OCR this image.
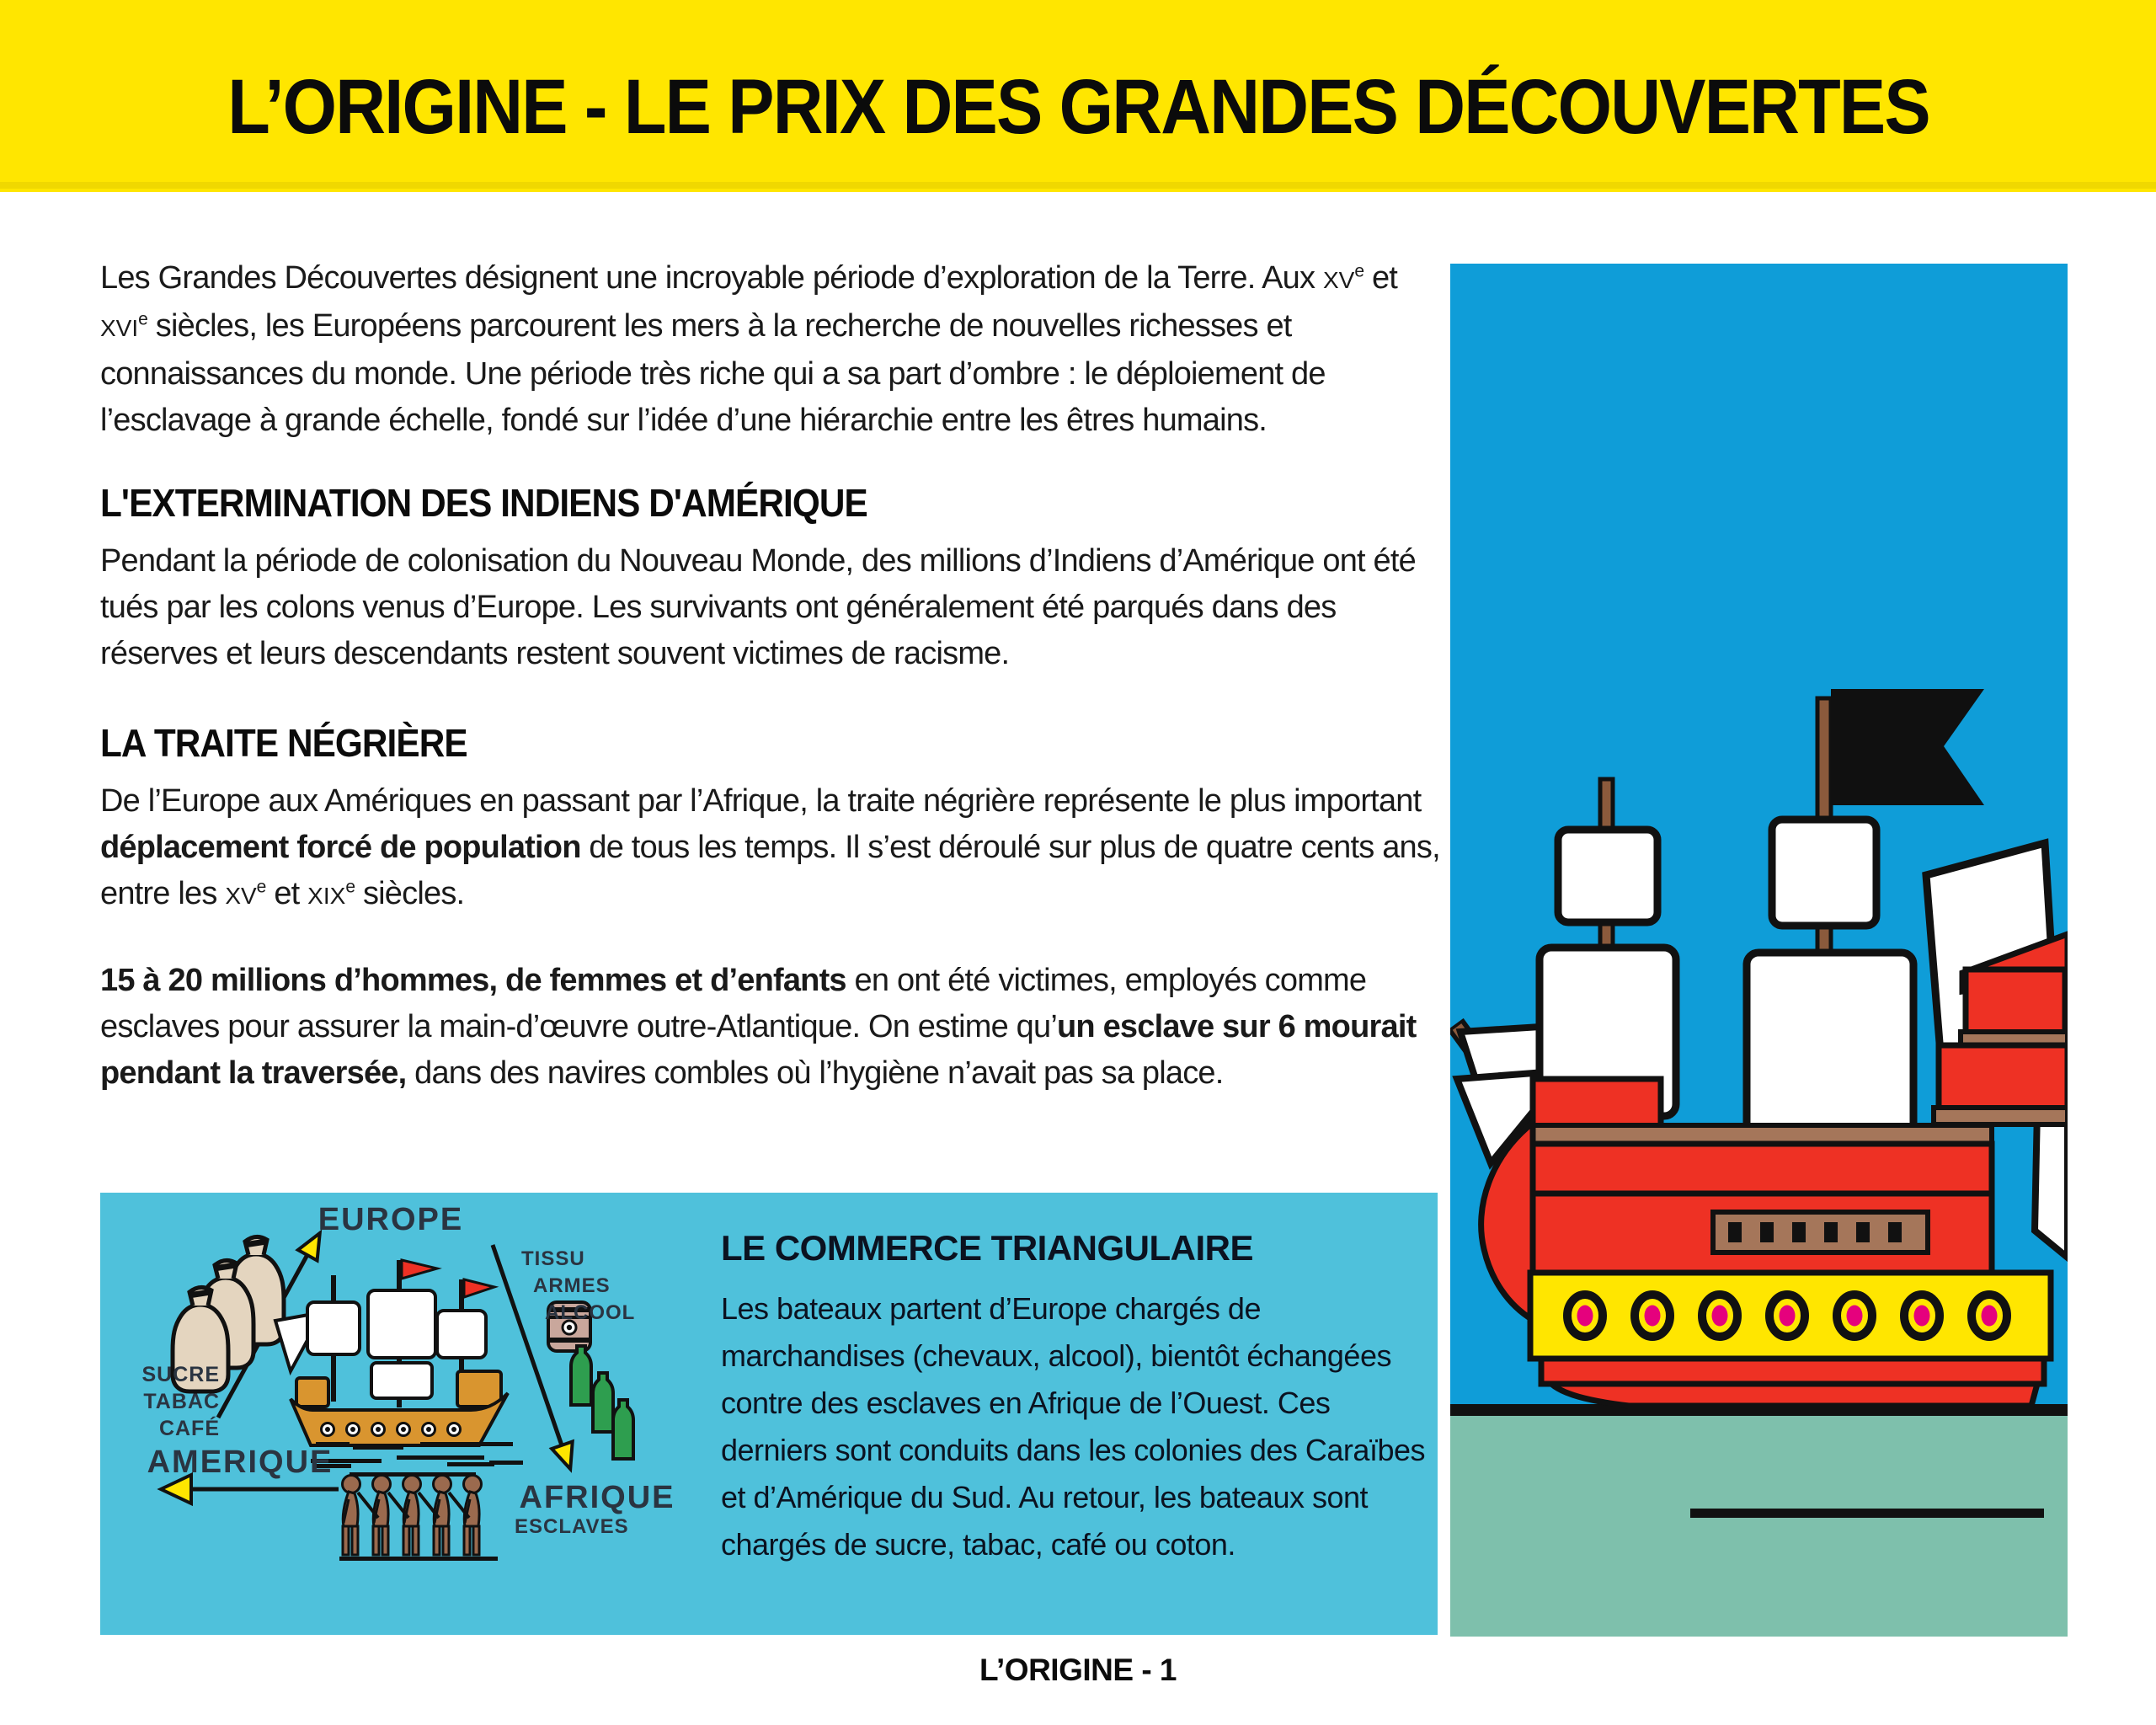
L’ORIGINE - LE PRIX DES GRANDES DÉCOUVERTES

Les Grandes Découvertes désignent une incroyable période d’exploration de la Terre. Aux XVe et XVIe siècles, les Européens parcourent les mers à la recherche de nouvelles richesses et connaissances du monde. Une période très riche qui a sa part d’ombre : le déploiement de l’esclavage à grande échelle, fondé sur l’idée d’une hiérarchie entre les êtres humains.

L'EXTERMINATION DES INDIENS D'AMÉRIQUE

Pendant la période de colonisation du Nouveau Monde, des millions d’Indiens d’Amérique ont été tués par les colons venus d’Europe. Les survivants ont généralement été parqués dans des réserves et leurs descendants restent souvent victimes de racisme.

LA TRAITE NÉGRIÈRE

De l’Europe aux Amériques en passant par l’Afrique, la traite négrière représente le plus important déplacement forcé de population de tous les temps. Il s’est déroulé sur plus de quatre cents ans, entre les XVe et XIXe siècles.

15 à 20 millions d’hommes, de femmes et d’enfants en ont été victimes, employés comme esclaves pour assurer la main-d’œuvre outre-Atlantique. On estime qu’un esclave sur 6 mourait pendant la traversée, dans des navires combles où l’hygiène n’avait pas sa place.

EUROPE
AMERIQUE
AFRIQUE
ESCLAVES
SUCRE
TABAC
CAFÉ
TISSU
ARMES
ALCOOL
LE COMMERCE TRIANGULAIRE

Les bateaux partent d’Europe chargés de marchandises (chevaux, alcool), bientôt échangées contre des esclaves en Afrique de l’Ouest. Ces derniers sont conduits dans les colonies des Caraïbes et d’Amérique du Sud. Au retour, les bateaux sont chargés de sucre, tabac, café ou coton.

L’ORIGINE - 1
